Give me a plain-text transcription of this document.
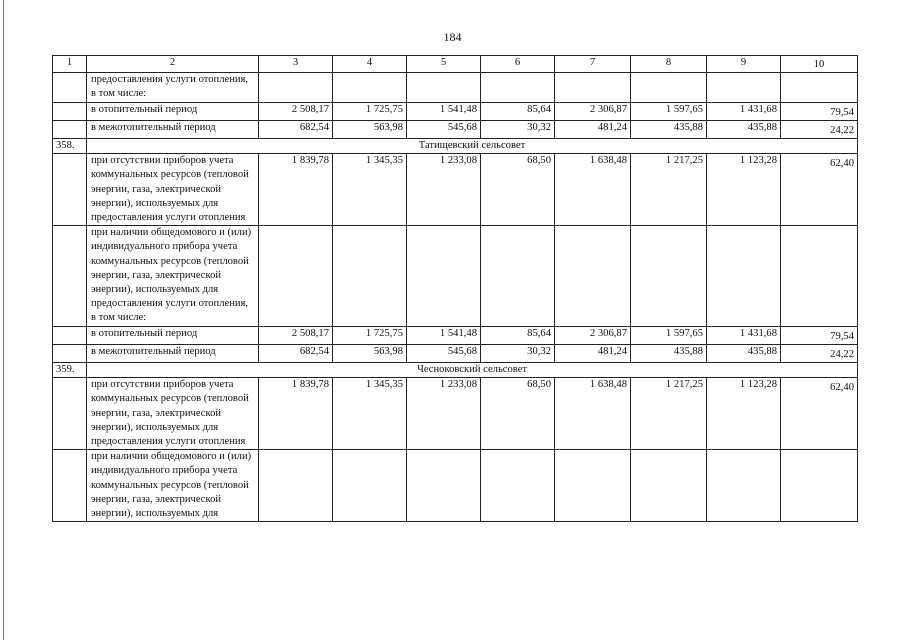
184
1	2	3	4	5	6	7	8	9	10
	предоставления услуги отопления, в том числе:								
	в отопительный период	2 508,17	1 725,75	1 541,48	85,64	2 306,87	1 597,65	1 431,68	79,54
	в межотопительный период	682,54	563,98	545,68	30,32	481,24	435,88	435,88	24,22
358.	Татищевский сельсовет								
	при отсутствии приборов учета коммунальных ресурсов (тепловой энергии, газа, электрической энергии), используемых для предоставления услуги отопления	1 839,78	1 345,35	1 233,08	68,50	1 638,48	1 217,25	1 123,28	62,40
	при наличии общедомового и (или) индивидуального прибора учета коммунальных ресурсов (тепловой энергии, газа, электрической энергии), используемых для предоставления услуги отопления, в том числе:								
	в отопительный период	2 508,17	1 725,75	1 541,48	85,64	2 306,87	1 597,65	1 431,68	79,54
	в межотопительный период	682,54	563,98	545,68	30,32	481,24	435,88	435,88	24,22
359.	Чесноковский сельсовет								
	при отсутствии приборов учета коммунальных ресурсов (тепловой энергии, газа, электрической энергии), используемых для предоставления услуги отопления	1 839,78	1 345,35	1 233,08	68,50	1 638,48	1 217,25	1 123,28	62,40
	при наличии общедомового и (или) индивидуального прибора учета коммунальных ресурсов (тепловой энергии, газа, электрической энергии), используемых для								
